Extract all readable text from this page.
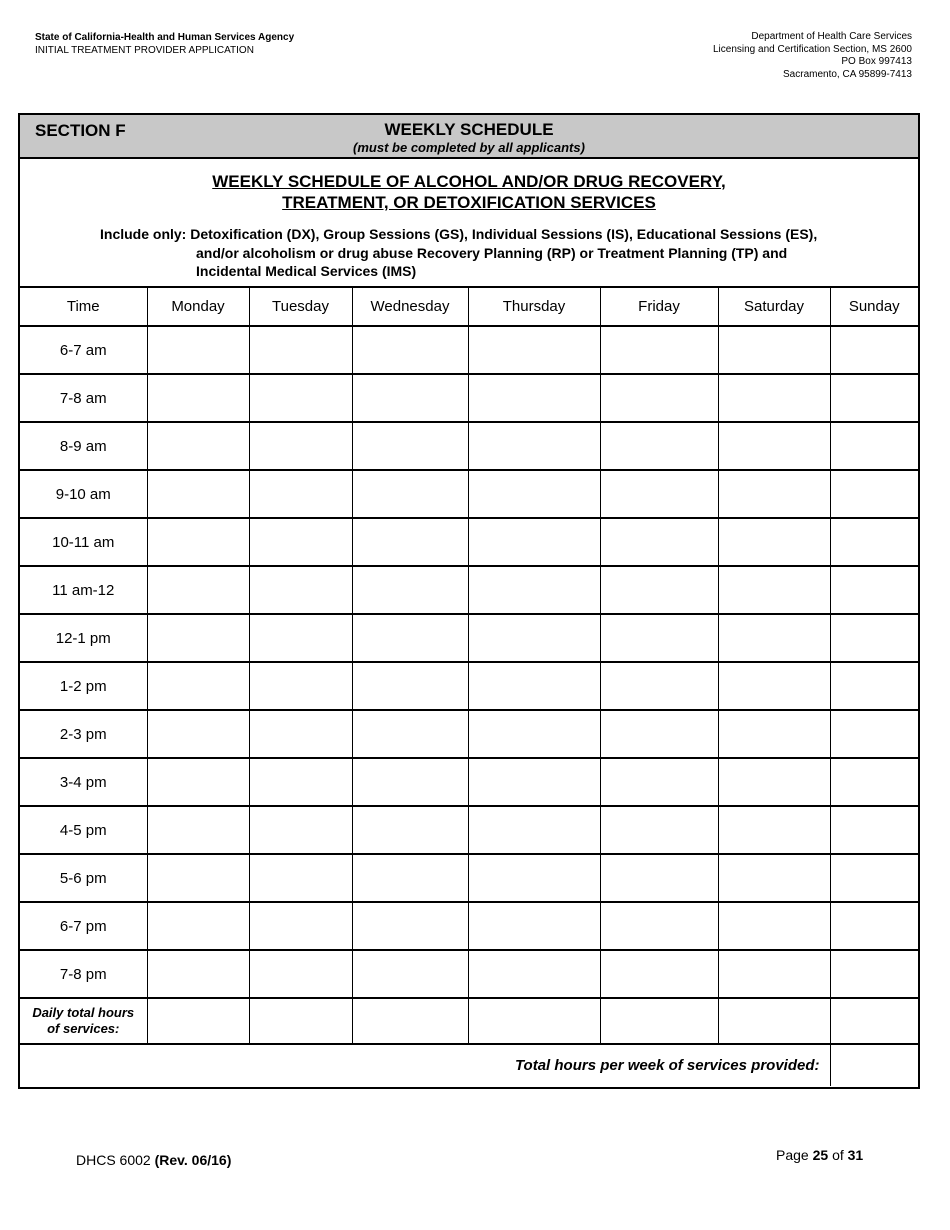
State of California-Health and Human Services Agency
INITIAL TREATMENT PROVIDER APPLICATION
Department of Health Care Services
Licensing and Certification Section, MS 2600
PO Box 997413
Sacramento, CA 95899-7413
SECTION F	WEEKLY SCHEDULE
(must be completed by all applicants)
WEEKLY SCHEDULE OF ALCOHOL AND/OR DRUG RECOVERY,
TREATMENT, OR DETOXIFICATION SERVICES
Include only: Detoxification (DX), Group Sessions (GS), Individual Sessions (IS), Educational Sessions (ES),
and/or alcoholism or drug abuse Recovery Planning (RP) or Treatment Planning (TP) and
Incidental Medical Services (IMS)
Time	Monday	Tuesday	Wednesday	Thursday	Friday	Saturday	Sunday
6-7 am							
7-8 am							
8-9 am							
9-10 am							
10-11 am							
11 am-12							
12-1 pm							
1-2 pm							
2-3 pm							
3-4 pm							
4-5 pm							
5-6 pm							
6-7 pm							
7-8 pm							

Daily total hours
of services:							

Total hours per week of services provided:							
DHCS 6002 (Rev. 06/16)	Page 25 of 31
